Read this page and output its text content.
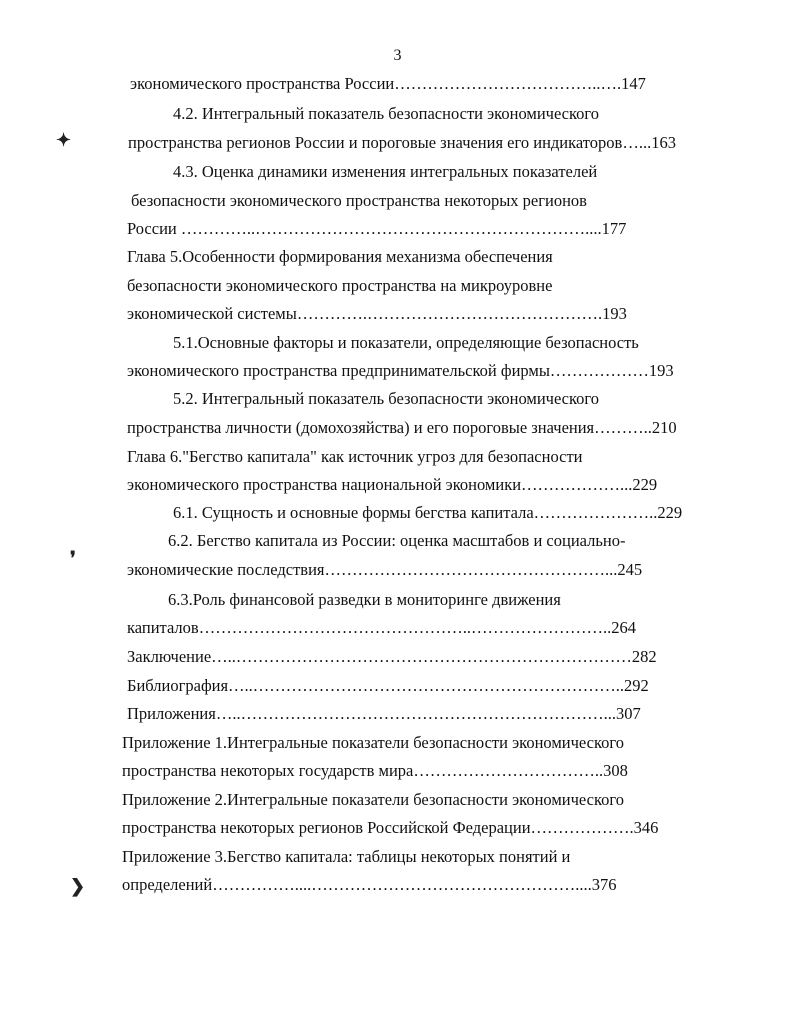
3
экономического пространства России………………………………..….147
4.2. Интегральный показатель безопасности экономического
пространства регионов России и пороговые значения его индикаторов…...163
4.3. Оценка динамики изменения интегральных показателей
безопасности экономического пространства некоторых регионов
России …………..……………………………………………………....177
Глава 5.Особенности формирования механизма обеспечения
безопасности экономического пространства на микроуровне
экономической системы………….…………………………………….193
5.1.Основные факторы и показатели, определяющие безопасность
экономического пространства предпринимательской фирмы………………193
5.2. Интегральный показатель безопасности экономического
пространства личности (домохозяйства) и его пороговые значения………..210
Глава 6."Бегство капитала" как источник угроз для безопасности
экономического пространства национальной экономики………………...229
6.1. Сущность и основные формы бегства капитала…………………..229
6.2. Бегство капитала из России: оценка масштабов и социально-
экономические последствия……………………………………………...245
6.3.Роль финансовой разведки в мониторинге движения
капиталов…………………………………………..……………………..264
Заключение…..………………………………………………………………282
Библиография…..…………………………………………………………..292
Приложения…..…………………………………………………………...307
Приложение 1.Интегральные показатели безопасности экономического
пространства некоторых государств мира……………………………..308
Приложение 2.Интегральные показатели безопасности экономического
пространства некоторых регионов Российской Федерации……………….346
Приложение 3.Бегство капитала: таблицы некоторых понятий и
определений……………....…………………………………………....376
✦
❜
❯
